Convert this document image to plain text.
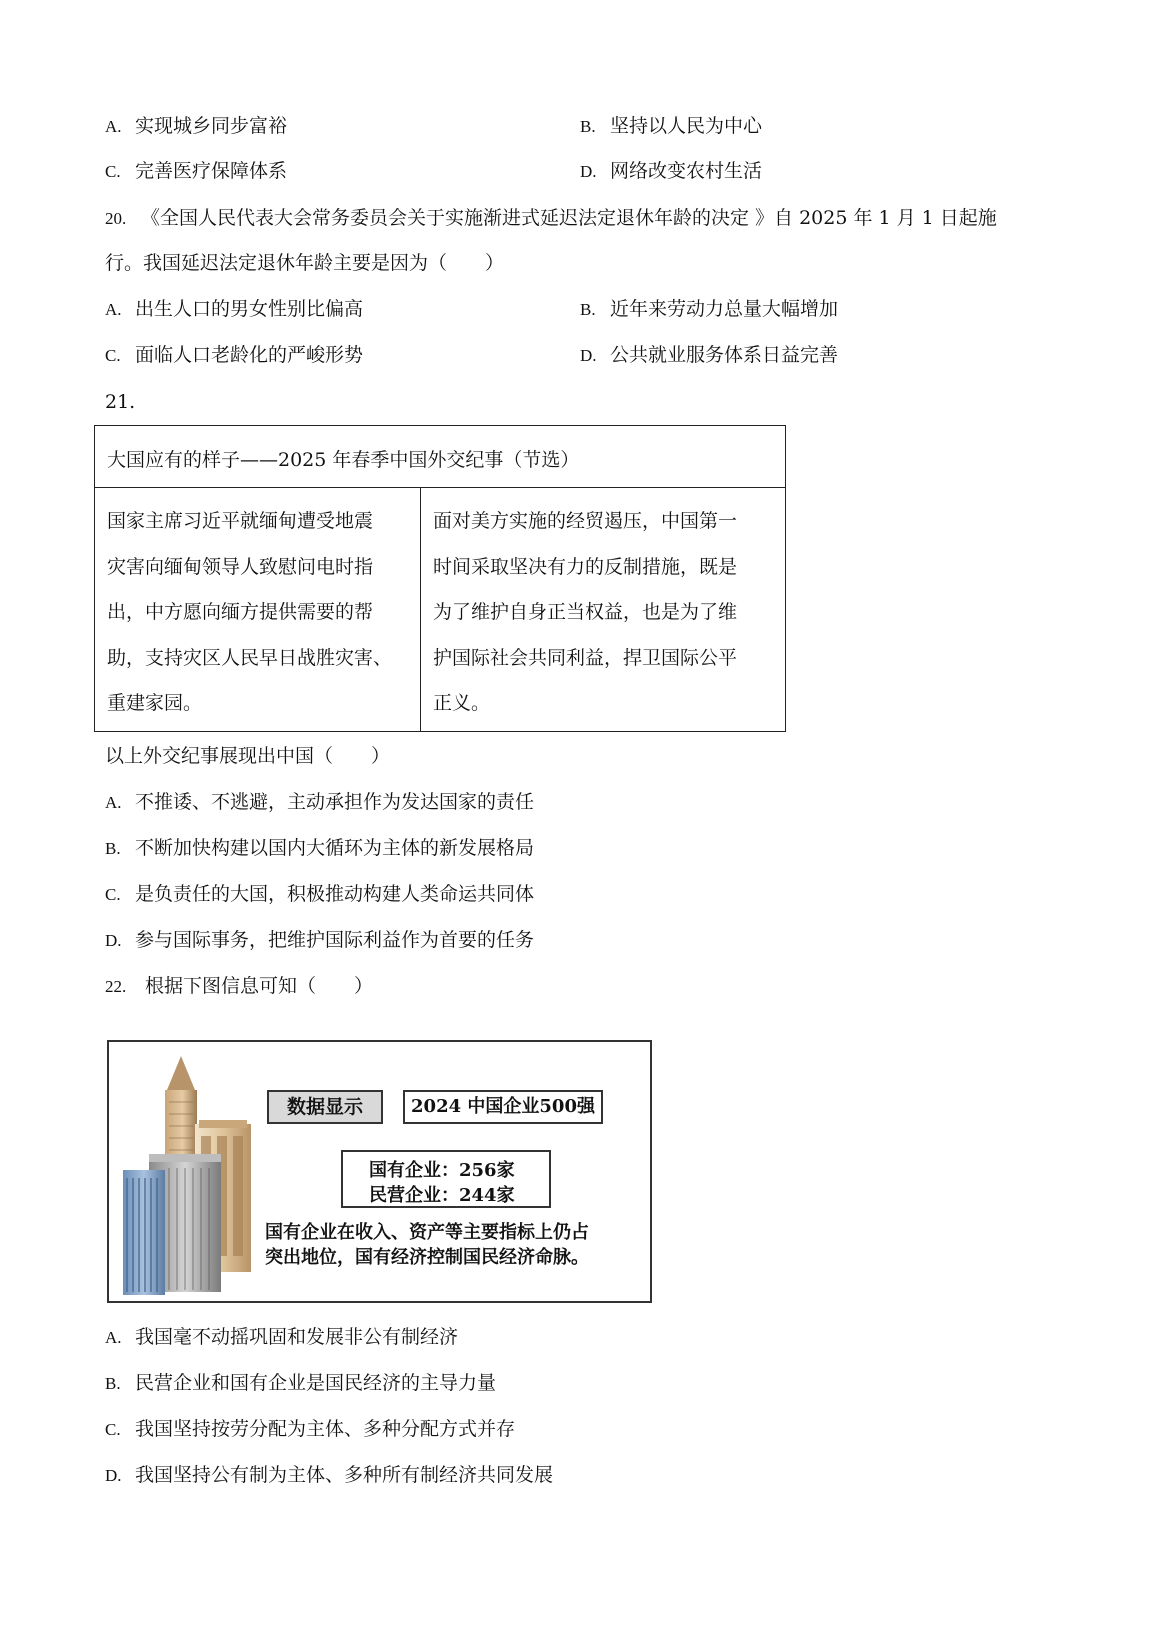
A. 实现城乡同步富裕	B. 坚持以人民为中心
C. 完善医疗保障体系	D. 网络改变农村生活
20. 《全国人民代表大会常务委员会关于实施渐进式延迟法定退休年龄的决定 》自 2025 年 1 月 1 日起施
行。我国延迟法定退休年龄主要是因为（　　）
A. 出生人口的男女性别比偏高	B. 近年来劳动力总量大幅增加
C. 面临人口老龄化的严峻形势	D. 公共就业服务体系日益完善
21.
大国应有的样子——2025 年春季中国外交纪事（节选）
国家主席习近平就缅甸遭受地震
灾害向缅甸领导人致慰问电时指
出，中方愿向缅方提供需要的帮
助，支持灾区人民早日战胜灾害、
重建家园。
面对美方实施的经贸遏压，中国第一
时间采取坚决有力的反制措施，既是
为了维护自身正当权益，也是为了维
护国际社会共同利益，捍卫国际公平
正义。
以上外交纪事展现出中国（　　）
A. 不推诿、不逃避，主动承担作为发达国家的责任
B. 不断加快构建以国内大循环为主体的新发展格局
C. 是负责任的大国，积极推动构建人类命运共同体
D. 参与国际事务，把维护国际利益作为首要的任务
22. 根据下图信息可知（　　）
数据显示	2024 中国企业500强
国有企业：256家
民营企业：244家
国有企业在收入、资产等主要指标上仍占
突出地位，国有经济控制国民经济命脉。
A. 我国毫不动摇巩固和发展非公有制经济
B. 民营企业和国有企业是国民经济的主导力量
C. 我国坚持按劳分配为主体、多种分配方式并存
D. 我国坚持公有制为主体、多种所有制经济共同发展
